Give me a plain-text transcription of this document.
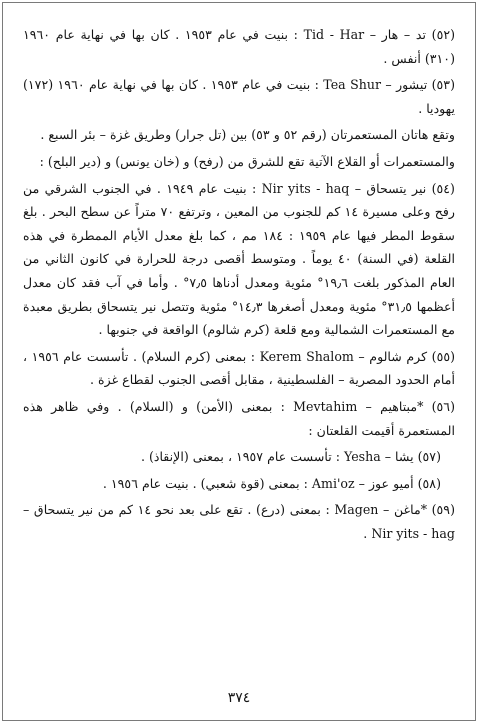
(٥٢) تد – هار – Tid - Har : بنيت في عام ١٩٥٣ . كان بها في نهاية عام ١٩٦٠ (٣١٠) أنفس .

(٥٣) تيشور – Tea Shur : بنيت في عام ١٩٥٣ . كان بها في نهاية عام ١٩٦٠ (١٧٢) يهوديا .

وتقع هاتان المستعمرتان (رقم ٥٢ و ٥٣) بين (تل جرار) وطريق غزة – بئر السبع .

والمستعمرات أو القلاع الآتية تقع للشرق من (رفح) و (خان يونس) و (دير البلح) :

(٥٤) نير يتسحاق – Nir yits - haq : بنيت عام ١٩٤٩ . في الجنوب الشرقي من رفح وعلى مسيرة ١٤ كم للجنوب من المعين ، وترتفع ٧٠ متراً عن سطح البحر . بلغ سقوط المطر فيها عام ١٩٥٩ : ١٨٤ مم ، كما بلغ معدل الأيام الممطرة في هذه القلعة (في السنة) ٤٠ يوماً . ومتوسط أقصى درجة للحرارة في كانون الثاني من العام المذكور بلغت ١٩٫٦° مئوية ومعدل أدناها ٧٫٥° . وأما في آب فقد كان معدل أعظمها ٣١٫٥° مئوية ومعدل أصغرها ١٤٫٣° مئوية وتتصل نير يتسحاق بطريق معبدة مع المستعمرات الشمالية ومع قلعة (كرم شالوم) الواقعة في جنوبها .

(٥٥) كرم شالوم – Kerem Shalom : بمعنى (كرم السلام) . تأسست عام ١٩٥٦ ، أمام الحدود المصرية – الفلسطينية ، مقابل أقصى الجنوب لقطاع غزة .

(٥٦) *مبتاهيم – Mevtahim : بمعنى (الأمن) و (السلام) . وفي ظاهر هذه المستعمرة أقيمت القلعتان :

(٥٧) يشا – Yesha : تأسست عام ١٩٥٧ ، بمعنى (الإنقاذ) .

(٥٨) أميو عوز – Ami'oz : بمعنى (قوة شعبي) . بنيت عام ١٩٥٦ .

(٥٩) *ماغن – Magen : بمعنى (درع) . تقع على بعد نحو ١٤ كم من نير يتسحاق – Nir yits - hag .

٣٧٤
